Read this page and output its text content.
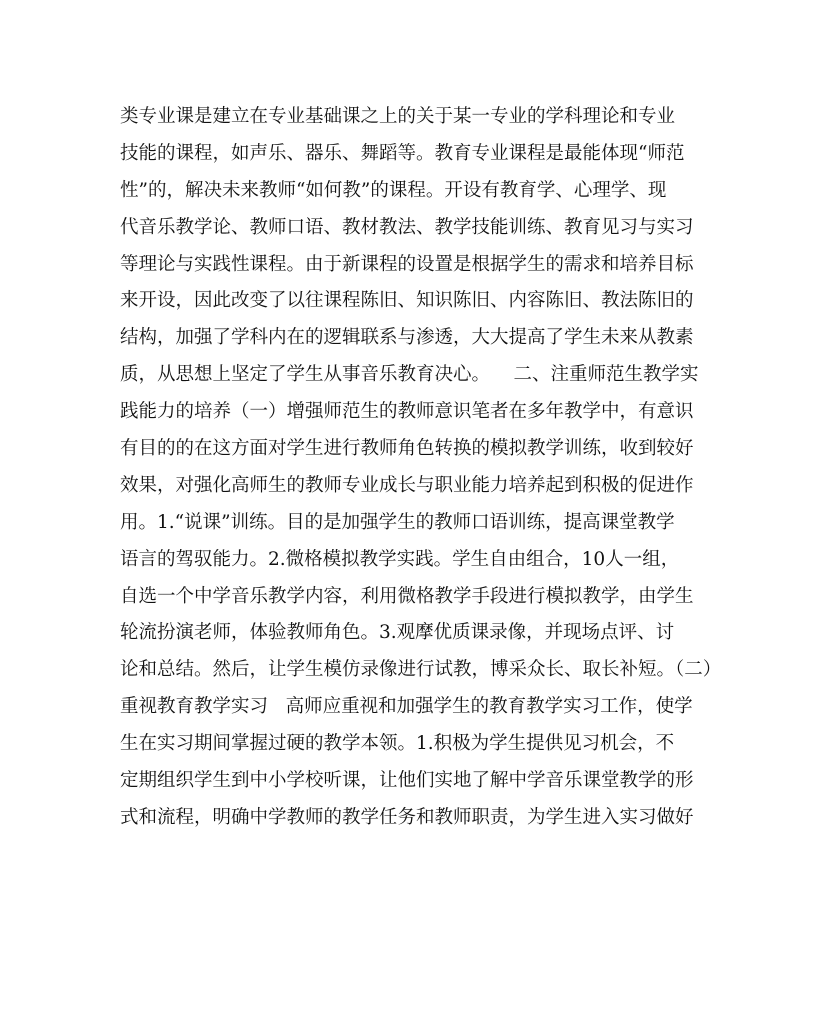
类专业课是建立在专业基础课之上的关于某一专业的学科理论和专业
技能的课程，如声乐、器乐、舞蹈等。教育专业课程是最能体现“师范
性”的，解决未来教师“如何教”的课程。开设有教育学、心理学、现
代音乐教学论、教师口语、教材教法、教学技能训练、教育见习与实习
等理论与实践性课程。由于新课程的设置是根据学生的需求和培养目标
来开设，因此改变了以往课程陈旧、知识陈旧、内容陈旧、教法陈旧的
结构，加强了学科内在的逻辑联系与渗透，大大提高了学生未来从教素
质，从思想上坚定了学生从事音乐教育决心。    二、注重师范生教学实
践能力的培养（一）增强师范生的教师意识笔者在多年教学中，有意识
有目的的在这方面对学生进行教师角色转换的模拟教学训练，收到较好
效果，对强化高师生的教师专业成长与职业能力培养起到积极的促进作
用。1.“说课”训练。目的是加强学生的教师口语训练，提高课堂教学
语言的驾驭能力。2.微格模拟教学实践。学生自由组合，10人一组，
自选一个中学音乐教学内容，利用微格教学手段进行模拟教学，由学生
轮流扮演老师，体验教师角色。3.观摩优质课录像，并现场点评、讨
论和总结。然后，让学生模仿录像进行试教，博采众长、取长补短。（二）
重视教育教学实习   高师应重视和加强学生的教育教学实习工作，使学
生在实习期间掌握过硬的教学本领。1.积极为学生提供见习机会，不
定期组织学生到中小学校听课，让他们实地了解中学音乐课堂教学的形
式和流程，明确中学教师的教学任务和教师职责，为学生进入实习做好
